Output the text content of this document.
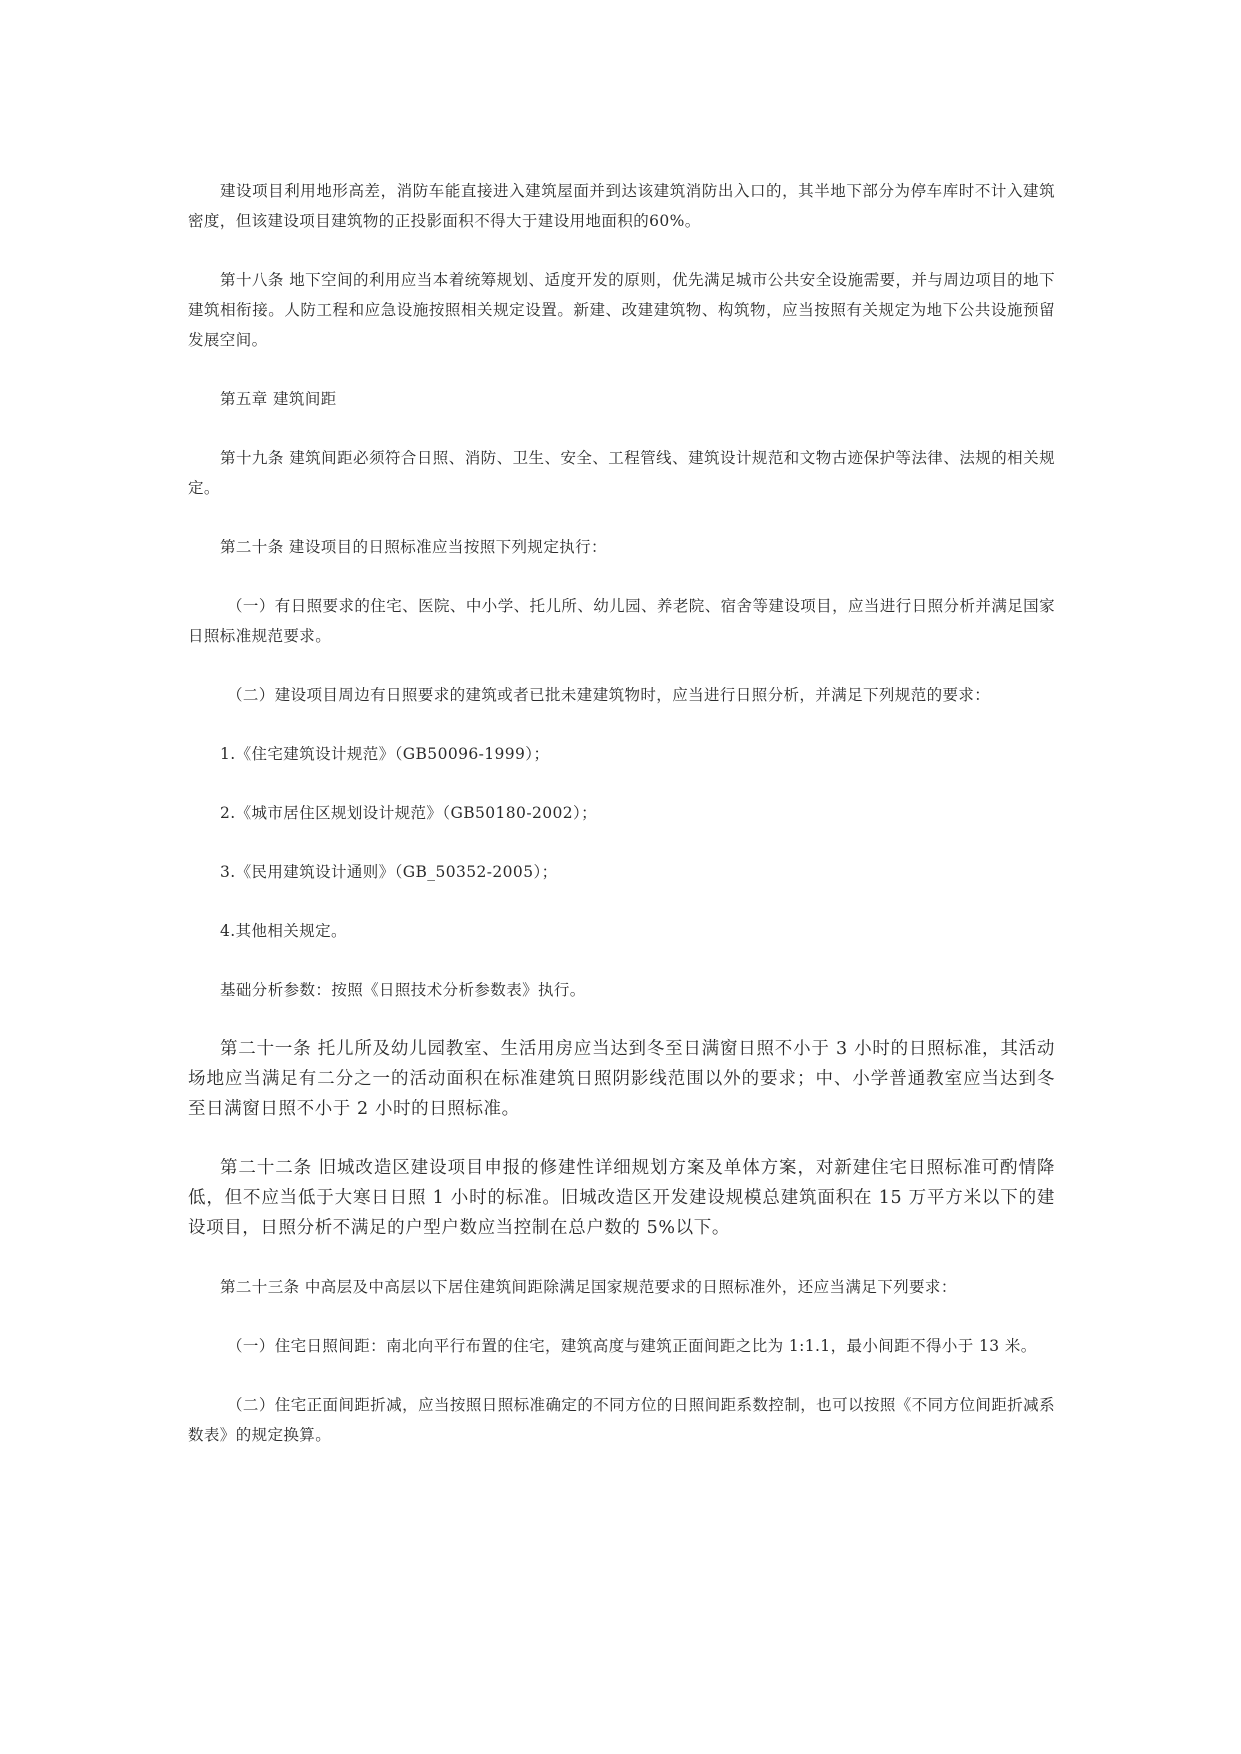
建设项目利用地形高差，消防车能直接进入建筑屋面并到达该建筑消防出入口的，其半地下部分为停车库时不计入建筑密度，但该建设项目建筑物的正投影面积不得大于建设用地面积的60%。

第十八条 地下空间的利用应当本着统筹规划、适度开发的原则，优先满足城市公共安全设施需要，并与周边项目的地下建筑相衔接。人防工程和应急设施按照相关规定设置。新建、改建建筑物、构筑物，应当按照有关规定为地下公共设施预留发展空间。

第五章 建筑间距

第十九条 建筑间距必须符合日照、消防、卫生、安全、工程管线、建筑设计规范和文物古迹保护等法律、法规的相关规定。

第二十条 建设项目的日照标准应当按照下列规定执行：

（一）有日照要求的住宅、医院、中小学、托儿所、幼儿园、养老院、宿舍等建设项目，应当进行日照分析并满足国家日照标准规范要求。

（二）建设项目周边有日照要求的建筑或者已批未建建筑物时，应当进行日照分析，并满足下列规范的要求：

1.《住宅建筑设计规范》（GB50096-1999）；

2.《城市居住区规划设计规范》（GB50180-2002）；

3.《民用建筑设计通则》（GB_50352-2005）；

4.其他相关规定。

基础分析参数：按照《日照技术分析参数表》执行。

第二十一条 托儿所及幼儿园教室、生活用房应当达到冬至日满窗日照不小于 3 小时的日照标准，其活动场地应当满足有二分之一的活动面积在标准建筑日照阴影线范围以外的要求；中、小学普通教室应当达到冬至日满窗日照不小于 2 小时的日照标准。

第二十二条 旧城改造区建设项目申报的修建性详细规划方案及单体方案，对新建住宅日照标准可酌情降低，但不应当低于大寒日日照 1 小时的标准。旧城改造区开发建设规模总建筑面积在 15 万平方米以下的建设项目，日照分析不满足的户型户数应当控制在总户数的 5%以下。

第二十三条 中高层及中高层以下居住建筑间距除满足国家规范要求的日照标准外，还应当满足下列要求：

（一）住宅日照间距：南北向平行布置的住宅，建筑高度与建筑正面间距之比为 1:1.1，最小间距不得小于 13 米。

（二）住宅正面间距折减，应当按照日照标准确定的不同方位的日照间距系数控制，也可以按照《不同方位间距折减系数表》的规定换算。
